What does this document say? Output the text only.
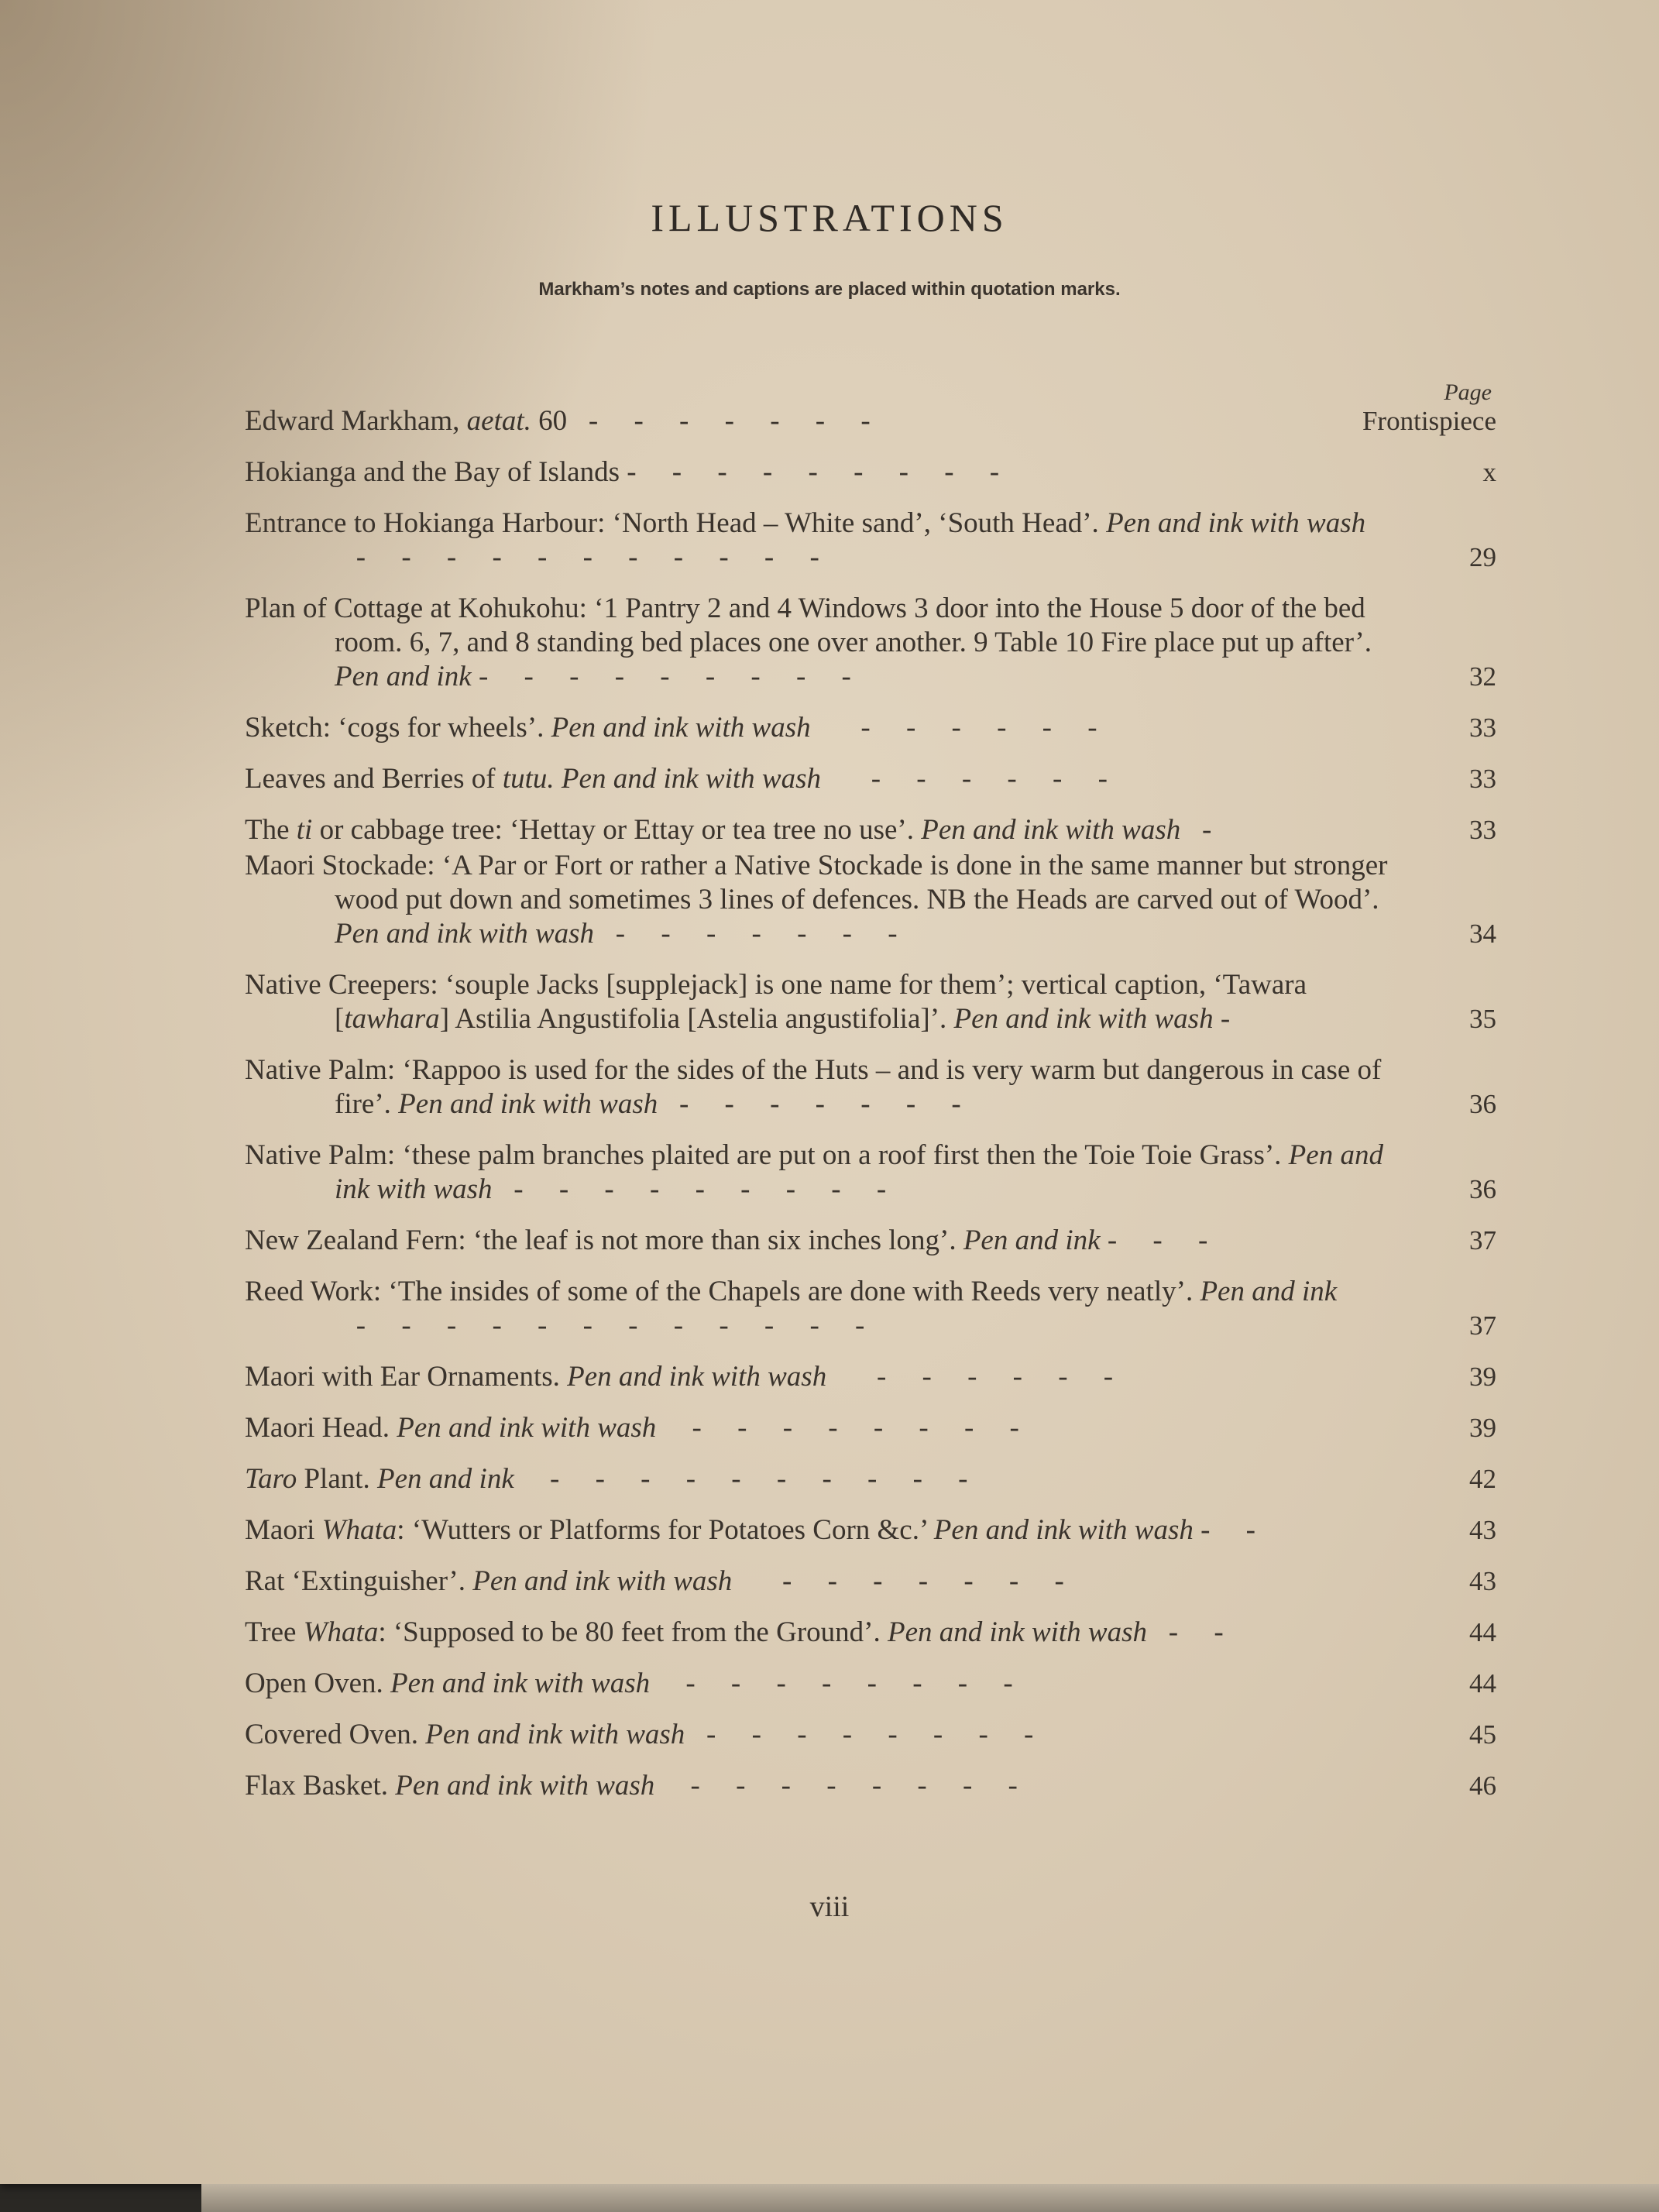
ILLUSTRATIONS
Markham’s notes and captions are placed within quotation marks.
Page
Edward Markham, aetat. 60   -     -     -     -     -     -     -	Frontispiece
Hokianga and the Bay of Islands -     -     -     -     -     -     -     -     -	x
Entrance to Hokianga Harbour: ‘North Head – White sand’, ‘South Head’. Pen and ink with wash   -     -     -     -     -     -     -     -     -     -     -	29
Plan of Cottage at Kohukohu: ‘1 Pantry 2 and 4 Windows 3 door into the House 5 door of the bed room. 6, 7, and 8 standing bed places one over another. 9 Table 10 Fire place put up after’. Pen and ink -     -     -     -     -     -     -     -     -	32
Sketch: ‘cogs for wheels’. Pen and ink with wash       -     -     -     -     -     -	33
Leaves and Berries of tutu. Pen and ink with wash       -     -     -     -     -     -	33
The ti or cabbage tree: ‘Hettay or Ettay or tea tree no use’. Pen and ink with wash   -	33
Maori Stockade: ‘A Par or Fort or rather a Native Stockade is done in the same manner but stronger wood put down and sometimes 3 lines of defences. NB the Heads are carved out of Wood’. Pen and ink with wash   -     -     -     -     -     -     -	34
Native Creepers: ‘souple Jacks [supplejack] is one name for them’; vertical caption, ‘Tawara [tawhara] Astilia Angustifolia [Astelia angustifolia]’. Pen and ink with wash -	35
Native Palm: ‘Rappoo is used for the sides of the Huts – and is very warm but dangerous in case of fire’. Pen and ink with wash   -     -     -     -     -     -     -	36
Native Palm: ‘these palm branches plaited are put on a roof first then the Toie Toie Grass’. Pen and ink with wash   -     -     -     -     -     -     -     -     -	36
New Zealand Fern: ‘the leaf is not more than six inches long’. Pen and ink -     -     -	37
Reed Work: ‘The insides of some of the Chapels are done with Reeds very neatly’. Pen and ink   -     -     -     -     -     -     -     -     -     -     -     -	37
Maori with Ear Ornaments. Pen and ink with wash       -     -     -     -     -     -	39
Maori Head. Pen and ink with wash     -     -     -     -     -     -     -     -	39
Taro Plant. Pen and ink     -     -     -     -     -     -     -     -     -     -	42
Maori Whata: ‘Wutters or Platforms for Potatoes Corn &c.’ Pen and ink with wash -     -	43
Rat ‘Extinguisher’. Pen and ink with wash       -     -     -     -     -     -     -	43
Tree Whata: ‘Supposed to be 80 feet from the Ground’. Pen and ink with wash   -     -	44
Open Oven. Pen and ink with wash     -     -     -     -     -     -     -     -	44
Covered Oven. Pen and ink with wash   -     -     -     -     -     -     -     -	45
Flax Basket. Pen and ink with wash     -     -     -     -     -     -     -     -	46
viii
